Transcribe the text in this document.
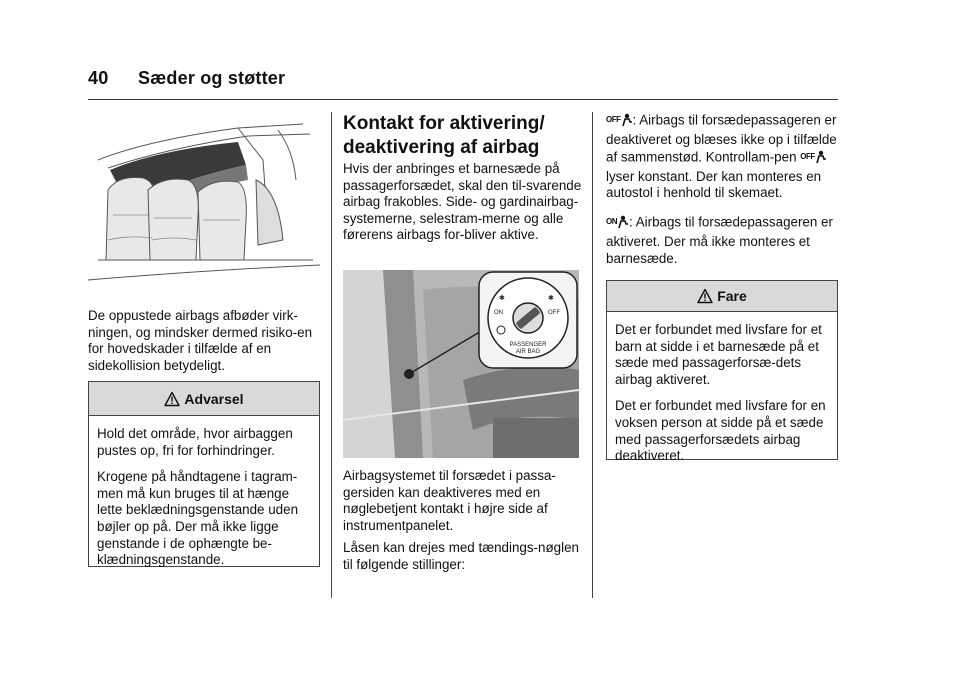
40 Sæder og støtter
De oppustede airbags afbøder virk-ningen, og mindsker dermed risiko-en for hovedskader i tilfælde af en sidekollision betydeligt.
Advarsel

Hold det område, hvor airbaggen pustes op, fri for forhindringer.

Krogene på håndtagene i tagram-men må kun bruges til at hænge lette beklædningsgenstande uden bøjler op på. Der må ikke ligge genstande i de ophængte be-klædningsgenstande.

Kontakt for aktivering/ deaktivering af airbag
Hvis der anbringes et barnesæde på passagerforsædet, skal den til-svarende airbag frakobles. Side- og gardinairbag-systemerne, selestram-merne og alle førerens airbags for-bliver aktive.
✱	✱
ON	OFF
PASSENGER
AIR BAG
Airbagsystemet til forsædet i passa-gersiden kan deaktiveres med en nøglebetjent kontakt i højre side af instrumentpanelet.
Låsen kan drejes med tændings-nøglen til følgende stillinger:
$^{OFF}$ : Airbags til forsædepassageren er deaktiveret og blæses ikke op i tilfælde af sammenstød. Kontrollam-pen $^{OFF}$ lyser konstant. Der kan monteres en autostol i henhold til skemaet.
$^{ON}$ : Airbags til forsædepassageren er aktiveret. Der må ikke monteres et barnesæde.
Fare

Det er forbundet med livsfare for et barn at sidde i et barnesæde på et sæde med passagerforsæ-dets airbag aktiveret.

Det er forbundet med livsfare for en voksen person at sidde på et sæde med passagerforsædets airbag deaktiveret.
